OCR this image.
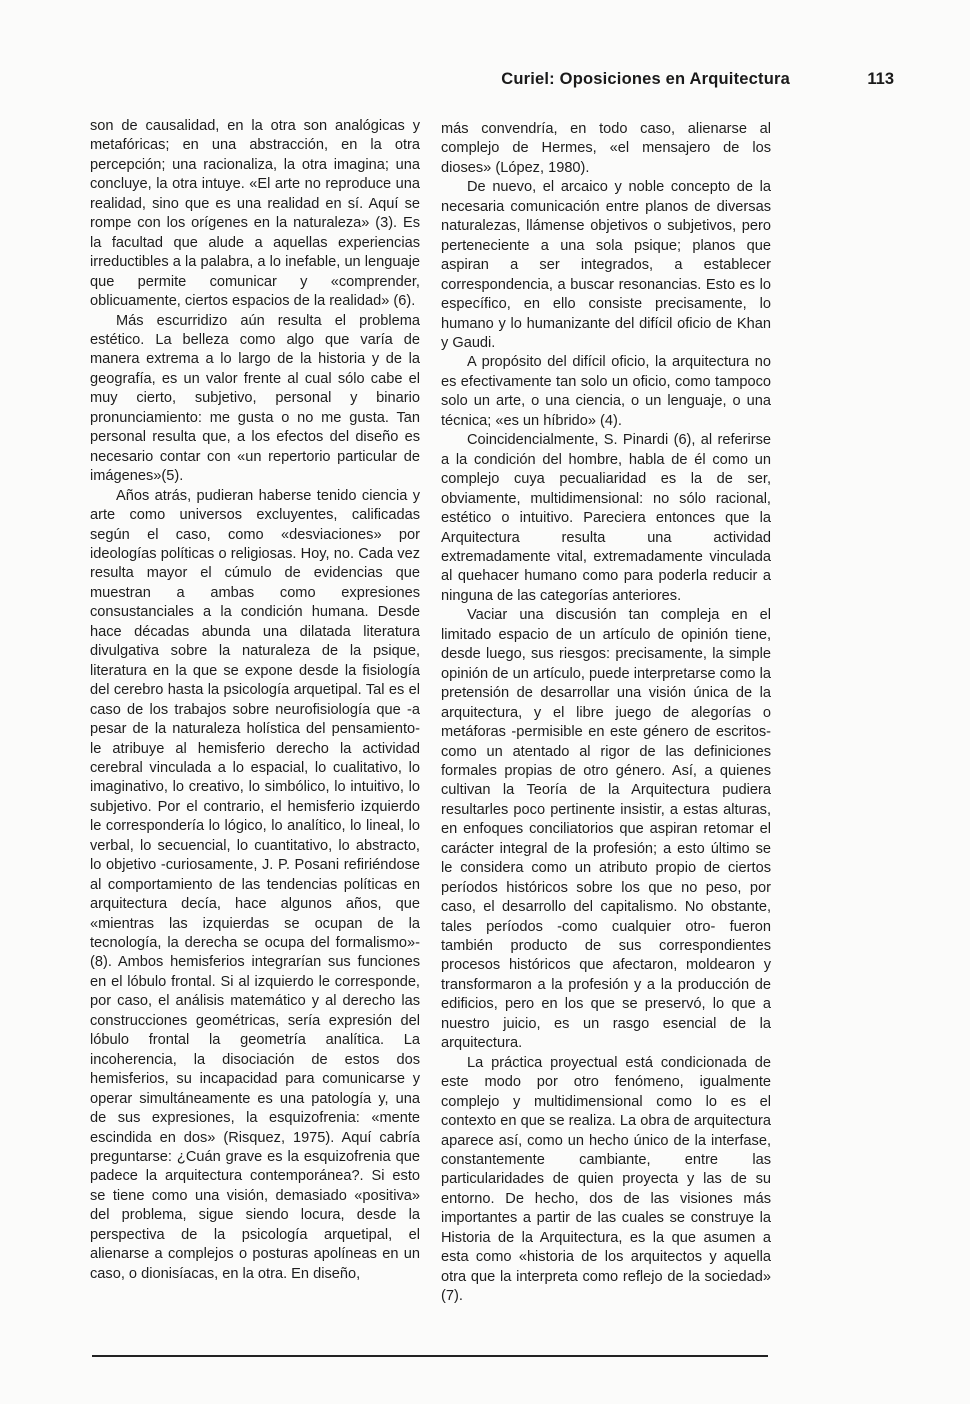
Curiel: Oposiciones en Arquitectura	113

son de causalidad, en la otra son analógicas y metafóricas; en una abstracción, en la otra percepción; una racionaliza, la otra imagina; una concluye, la otra intuye. «El arte no reproduce una realidad, sino que es una realidad en sí. Aquí se rompe con los orígenes en la naturaleza» (3). Es la facultad que alude a aquellas experiencias irreductibles a la palabra, a lo inefable, un lenguaje que permite comunicar y «comprender, oblicuamente, ciertos espacios de la realidad» (6).

Más escurridizo aún resulta el problema estético. La belleza como algo que varía de manera extrema a lo largo de la historia y de la geografía, es un valor frente al cual sólo cabe el muy cierto, subjetivo, personal y binario pronunciamiento: me gusta o no me gusta. Tan personal resulta que, a los efectos del diseño es necesario contar con «un repertorio particular de imágenes»(5).

Años atrás, pudieran haberse tenido ciencia y arte como universos excluyentes, calificadas según el caso, como «desviaciones» por ideologías políticas o religiosas. Hoy, no. Cada vez resulta mayor el cúmulo de evidencias que muestran a ambas como expresiones consustanciales a la condición humana. Desde hace décadas abunda una dilatada literatura divulgativa sobre la naturaleza de la psique, literatura en la que se expone desde la fisiología del cerebro hasta la psicología arquetipal. Tal es el caso de los trabajos sobre neurofisiología que -a pesar de la naturaleza holística del pensamiento- le atribuye al hemisferio derecho la actividad cerebral vinculada a lo espacial, lo cualitativo, lo imaginativo, lo creativo, lo simbólico, lo intuitivo, lo subjetivo. Por el contrario, el hemisferio izquierdo le correspondería lo lógico, lo analítico, lo lineal, lo verbal, lo secuencial, lo cuantitativo, lo abstracto, lo objetivo -curiosamente, J. P. Posani refiriéndose al comportamiento de las tendencias políticas en arquitectura decía, hace algunos años, que «mientras las izquierdas se ocupan de la tecnología, la derecha se ocupa del formalismo»-(8). Ambos hemisferios integrarían sus funciones en el lóbulo frontal. Si al izquierdo le corresponde, por caso, el análisis matemático y al derecho las construcciones geométricas, sería expresión del lóbulo frontal la geometría analítica. La incoherencia, la disociación de estos dos hemisferios, su incapacidad para comunicarse y operar simultáneamente es una patología y, una de sus expresiones, la esquizofrenia: «mente escindida en dos» (Risquez, 1975). Aquí cabría preguntarse: ¿Cuán grave es la esquizofrenia que padece la arquitectura contemporánea?. Si esto se tiene como una visión, demasiado «positiva» del problema, sigue siendo locura, desde la perspectiva de la psicología arquetipal, el alienarse a complejos o posturas apolíneas en un caso, o dionisíacas, en la otra. En diseño,

más convendría, en todo caso, alienarse al complejo de Hermes, «el mensajero de los dioses» (López, 1980).

De nuevo, el arcaico y noble concepto de la necesaria comunicación entre planos de diversas naturalezas, llámense objetivos o subjetivos, pero perteneciente a una sola psique; planos que aspiran a ser integrados, a establecer correspondencia, a buscar resonancias. Esto es lo específico, en ello consiste precisamente, lo humano y lo humanizante del difícil oficio de Khan y Gaudi.

A propósito del difícil oficio, la arquitectura no es efectivamente tan solo un oficio, como tampoco solo un arte, o una ciencia, o un lenguaje, o una técnica; «es un híbrido» (4).

Coincidencialmente, S. Pinardi (6), al referirse a la condición del hombre, habla de él como un complejo cuya pecualiaridad es la de ser, obviamente, multidimensional: no sólo racional, estético o intuitivo. Pareciera entonces que la Arquitectura resulta una actividad extremadamente vital, extremadamente vinculada al quehacer humano como para poderla reducir a ninguna de las categorías anteriores.

Vaciar una discusión tan compleja en el limitado espacio de un artículo de opinión tiene, desde luego, sus riesgos: precisamente, la simple opinión de un artículo, puede interpretarse como la pretensión de desarrollar una visión única de la arquitectura, y el libre juego de alegorías o metáforas -permisible en este género de escritos- como un atentado al rigor de las definiciones formales propias de otro género. Así, a quienes cultivan la Teoría de la Arquitectura pudiera resultarles poco pertinente insistir, a estas alturas, en enfoques conciliatorios que aspiran retomar el carácter integral de la profesión; a esto último se le considera como un atributo propio de ciertos períodos históricos sobre los que no peso, por caso, el desarrollo del capitalismo. No obstante, tales períodos -como cualquier otro- fueron también producto de sus correspondientes procesos históricos que afectaron, moldearon y transformaron a la profesión y a la producción de edificios, pero en los que se preservó, lo que a nuestro juicio, es un rasgo esencial de la arquitectura.

La práctica proyectual está condicionada de este modo por otro fenómeno, igualmente complejo y multidimensional como lo es el contexto en que se realiza. La obra de arquitectura aparece así, como un hecho único de la interfase, constantemente cambiante, entre las particularidades de quien proyecta y las de su entorno. De hecho, dos de las visiones más importantes a partir de las cuales se construye la Historia de la Arquitectura, es la que asumen a esta como «historia de los arquitectos y aquella otra que la interpreta como reflejo de la sociedad» (7).
